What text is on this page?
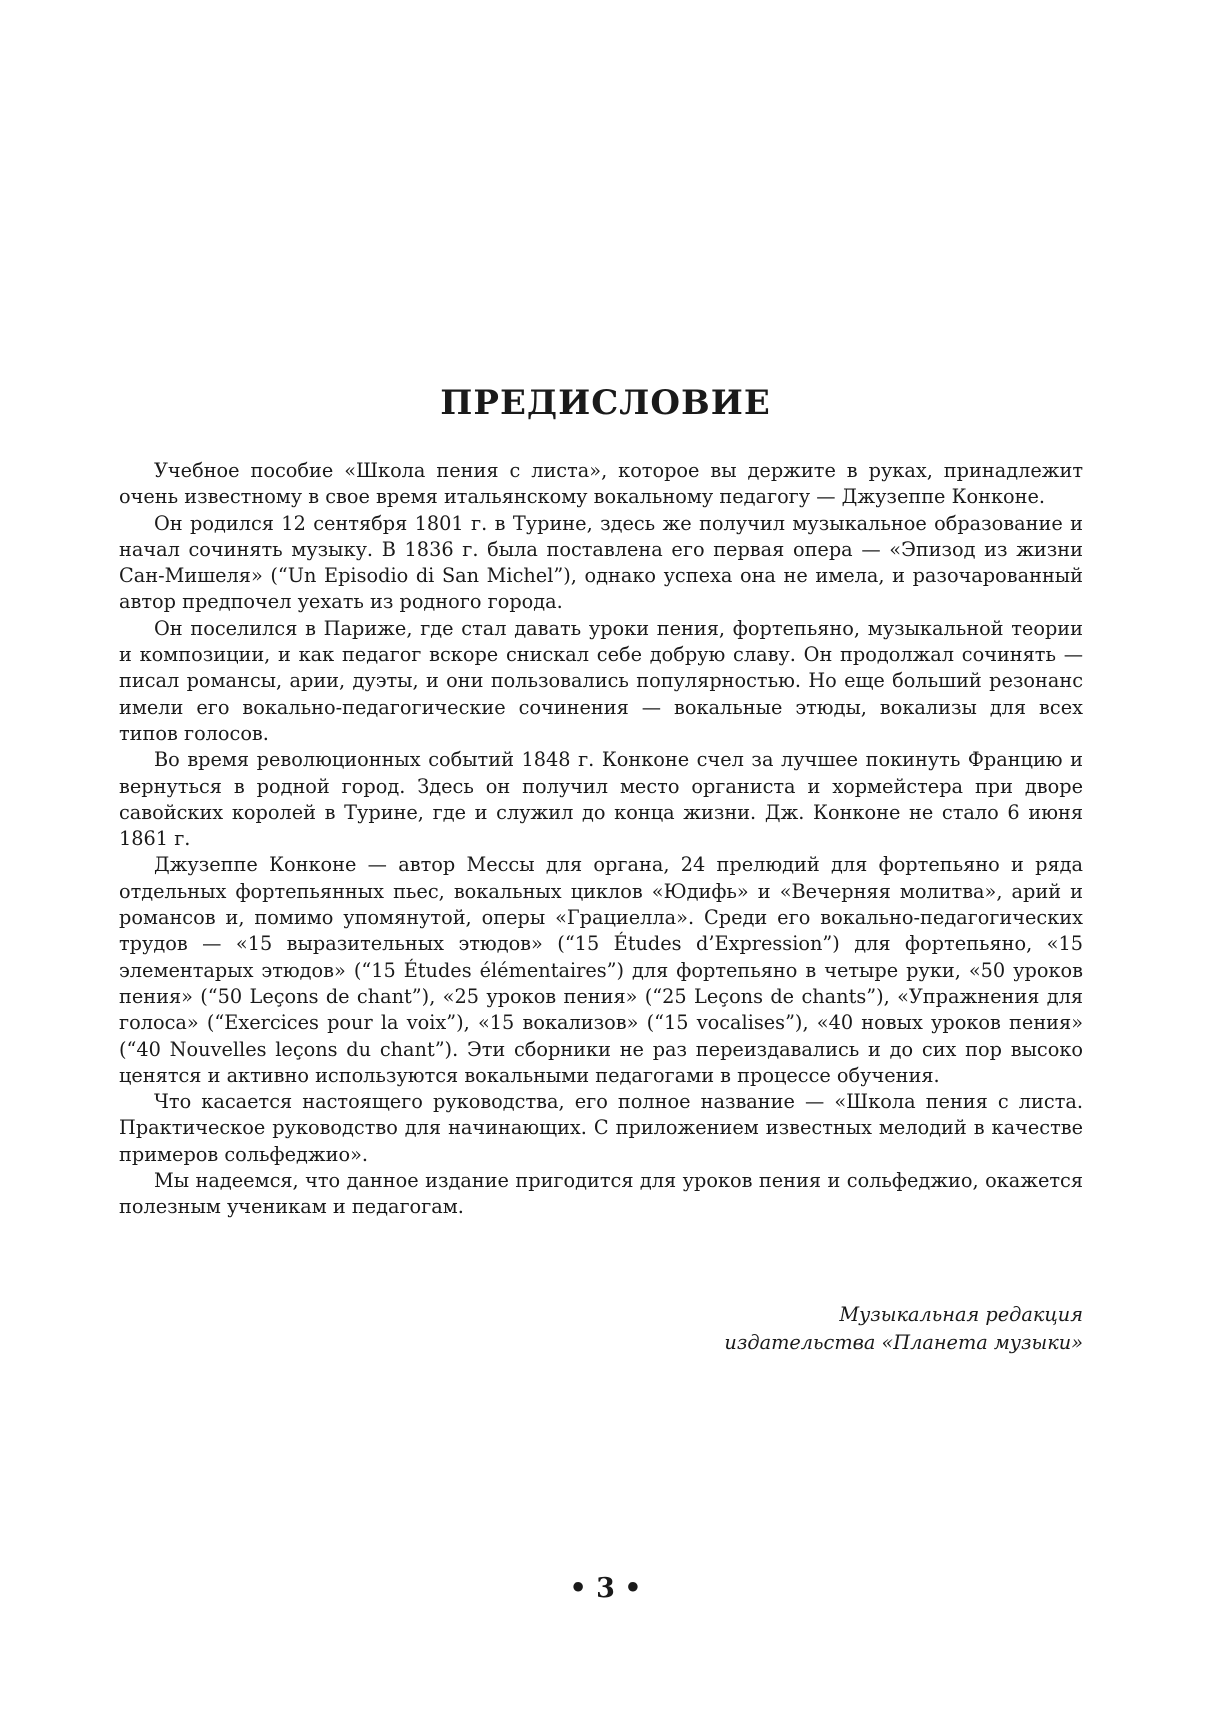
ПРЕДИСЛОВИЕ

Учебное пособие «Школа пения с листа», которое вы держите в руках, принадлежит очень известному в свое время итальянскому вокальному педагогу — Джузеппе Конконе.

Он родился 12 сентября 1801 г. в Турине, здесь же получил музыкальное образование и начал сочинять музыку. В 1836 г. была поставлена его первая опера — «Эпизод из жизни Сан-Мишеля» (“Un Episodio di San Michel”), однако успеха она не имела, и разочарованный автор предпочел уехать из родного города.

Он поселился в Париже, где стал давать уроки пения, фортепьяно, музыкальной теории и композиции, и как педагог вскоре снискал себе добрую славу. Он продолжал сочинять — писал романсы, арии, дуэты, и они пользовались популярностью. Но еще больший резонанс имели его вокально-педагогические сочинения — вокальные этюды, вокализы для всех типов голосов.

Во время революционных событий 1848 г. Конконе счел за лучшее покинуть Францию и вернуться в родной город. Здесь он получил место органиста и хормейстера при дворе савойских королей в Турине, где и служил до конца жизни. Дж. Конконе не стало 6 июня 1861 г.

Джузеппе Конконе — автор Мессы для органа, 24 прелюдий для фортепьяно и ряда отдельных фортепьянных пьес, вокальных циклов «Юдифь» и «Вечерняя молитва», арий и романсов и, помимо упомянутой, оперы «Грациелла». Среди его вокально-педагогических трудов — «15 выразительных этюдов» (“15 Études d’Expression”) для фортепьяно, «15 элементарых этюдов» (“15 Études élémentaires”) для фортепьяно в четыре руки, «50 уроков пения» (“50 Leçons de chant”), «25 уроков пения» (“25 Leçons de chants”), «Упражнения для голоса» (“Exercices pour la voix”), «15 вокализов» (“15 vocalises”), «40 новых уроков пения» (“40 Nouvelles leçons du chant”). Эти сборники не раз переиздавались и до сих пор высоко ценятся и активно используются вокальными педагогами в процессе обучения.

Что касается настоящего руководства, его полное название — «Школа пения с листа. Практическое руководство для начинающих. С приложением известных мелодий в качестве примеров сольфеджио».

Мы надеемся, что данное издание пригодится для уроков пения и сольфеджио, окажется полезным ученикам и педагогам.

Музыкальная редакция
издательства «Планета музыки»
• 3 •
